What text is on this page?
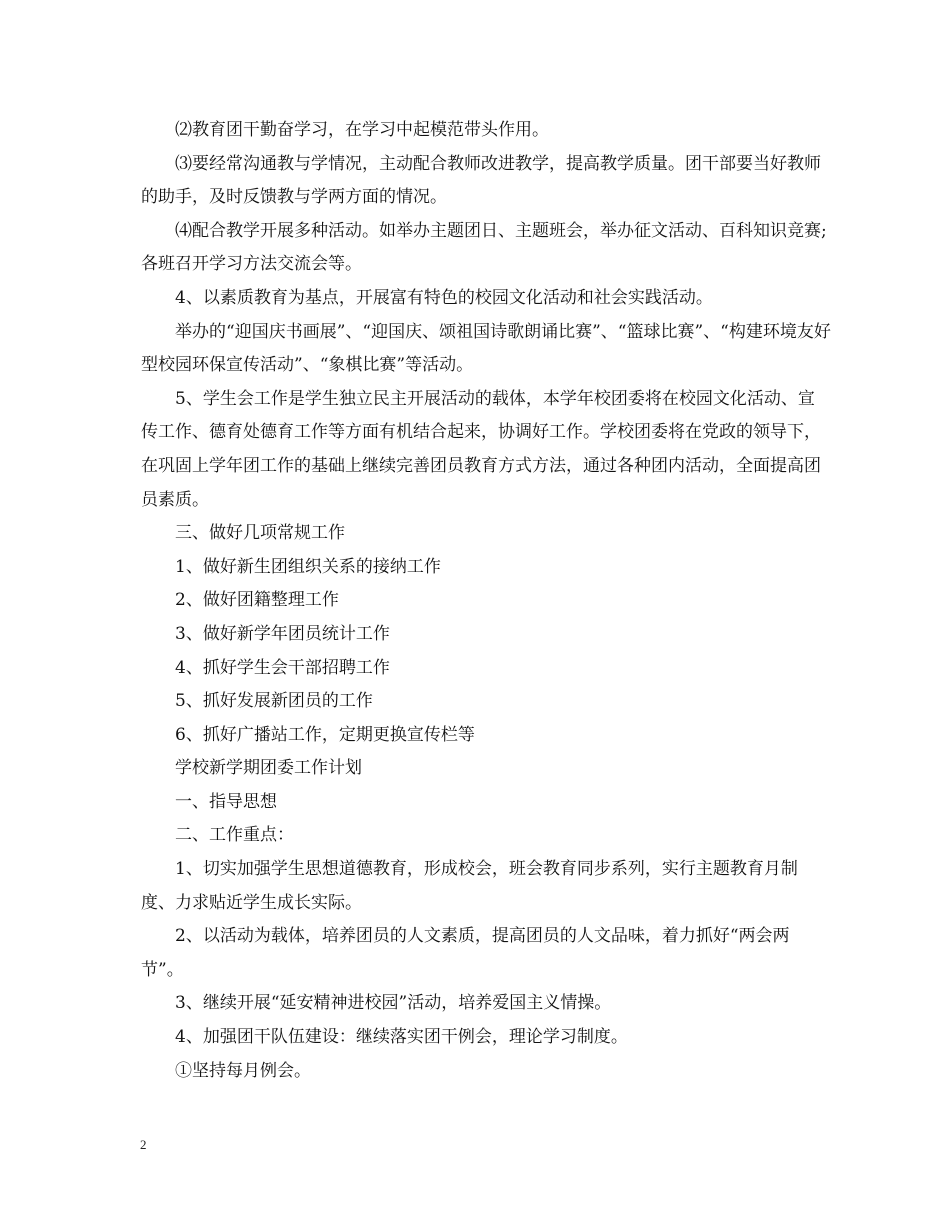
⑵教育团干勤奋学习，在学习中起模范带头作用。

⑶要经常沟通教与学情况，主动配合教师改进教学，提高教学质量。团干部要当好教师的助手，及时反馈教与学两方面的情况。

⑷配合教学开展多种活动。如举办主题团日、主题班会，举办征文活动、百科知识竞赛;各班召开学习方法交流会等。

4、以素质教育为基点，开展富有特色的校园文化活动和社会实践活动。

举办的“迎国庆书画展”、“迎国庆、颂祖国诗歌朗诵比赛”、“篮球比赛”、“构建环境友好型校园环保宣传活动”、“象棋比赛”等活动。

5、学生会工作是学生独立民主开展活动的载体，本学年校团委将在校园文化活动、宣传工作、德育处德育工作等方面有机结合起来，协调好工作。学校团委将在党政的领导下，在巩固上学年团工作的基础上继续完善团员教育方式方法，通过各种团内活动，全面提高团员素质。

三、做好几项常规工作

1、做好新生团组织关系的接纳工作

2、做好团籍整理工作

3、做好新学年团员统计工作

4、抓好学生会干部招聘工作

5、抓好发展新团员的工作

6、抓好广播站工作，定期更换宣传栏等

学校新学期团委工作计划

一、指导思想

二、工作重点：

1、切实加强学生思想道德教育，形成校会，班会教育同步系列，实行主题教育月制度、力求贴近学生成长实际。

2、以活动为载体，培养团员的人文素质，提高团员的人文品味，着力抓好“两会两节”。

3、继续开展“延安精神进校园”活动，培养爱国主义情操。

4、加强团干队伍建设：继续落实团干例会，理论学习制度。

①坚持每月例会。

2
